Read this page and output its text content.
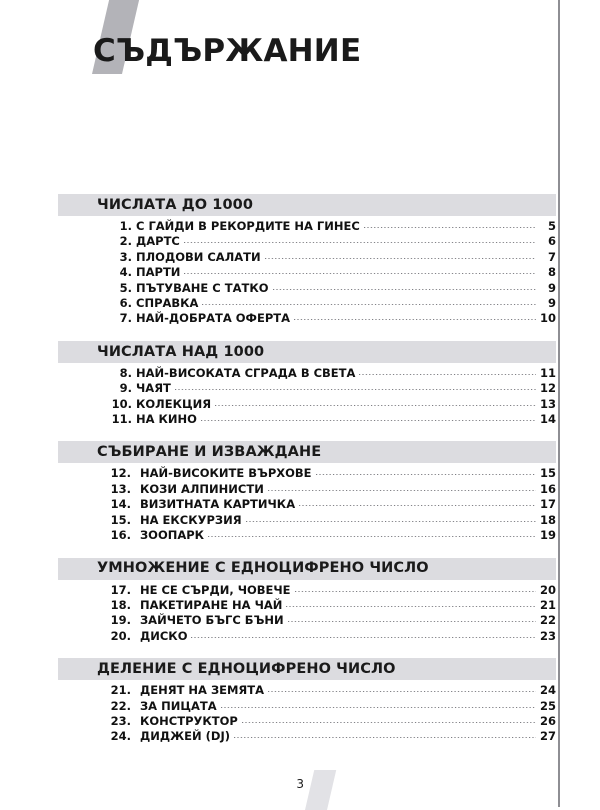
СЪДЪРЖАНИЕ
ЧИСЛАТА ДО 1000
1. С ГАЙДИ В РЕКОРДИТЕ НА ГИНЕС	5
2. ДАРТС	6
3. ПЛОДОВИ САЛАТИ	7
4. ПАРТИ	8
5. ПЪТУВАНЕ С ТАТКО	9
6. СПРАВКА	9
7. НАЙ-ДОБРАТА ОФЕРТА	10
ЧИСЛАТА НАД 1000
8. НАЙ-ВИСОКАТА СГРАДА В СВЕТА	11
9. ЧАЯТ	12
10. КОЛЕКЦИЯ	13
11. НА КИНО	14
СЪБИРАНЕ И ИЗВАЖДАНЕ
12. НАЙ-ВИСОКИТЕ ВЪРХОВЕ	15
13. КОЗИ АЛПИНИСТИ	16
14. ВИЗИТНАТА КАРТИЧКА	17
15. НА ЕКСКУРЗИЯ	18
16. ЗООПАРК	19
УМНОЖЕНИЕ С ЕДНОЦИФРЕНО ЧИСЛО
17. НЕ СЕ СЪРДИ, ЧОВЕЧЕ	20
18. ПАКЕТИРАНЕ НА ЧАЙ	21
19. ЗАЙЧЕТО БЪГС БЪНИ	22
20. ДИСКО	23
ДЕЛЕНИЕ С ЕДНОЦИФРЕНО ЧИСЛО
21. ДЕНЯТ НА ЗЕМЯТА	24
22. ЗА ПИЦАТА	25
23. КОНСТРУКТОР	26
24. ДИДЖЕЙ (DJ)	27
3
